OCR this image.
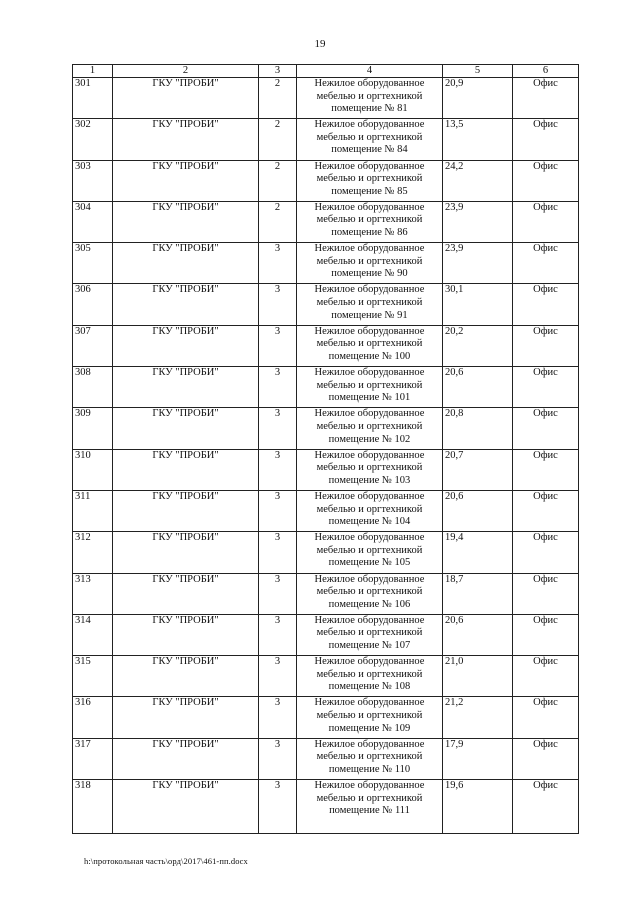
19
1	2	3	4	5	6
301	ГКУ "ПРОБИ"	2	Нежилое оборудованное мебелью и оргтехникой помещение № 81	20,9	Офис
302	ГКУ "ПРОБИ"	2	Нежилое оборудованное мебелью и оргтехникой помещение № 84	13,5	Офис
303	ГКУ "ПРОБИ"	2	Нежилое оборудованное мебелью и оргтехникой помещение № 85	24,2	Офис
304	ГКУ "ПРОБИ"	2	Нежилое оборудованное мебелью и оргтехникой помещение № 86	23,9	Офис
305	ГКУ "ПРОБИ"	3	Нежилое оборудованное мебелью и оргтехникой помещение № 90	23,9	Офис
306	ГКУ "ПРОБИ"	3	Нежилое оборудованное мебелью и оргтехникой помещение № 91	30,1	Офис
307	ГКУ "ПРОБИ"	3	Нежилое оборудованное мебелью и оргтехникой помещение № 100	20,2	Офис
308	ГКУ "ПРОБИ"	3	Нежилое оборудованное мебелью и оргтехникой помещение № 101	20,6	Офис
309	ГКУ "ПРОБИ"	3	Нежилое оборудованное мебелью и оргтехникой помещение № 102	20,8	Офис
310	ГКУ "ПРОБИ"	3	Нежилое оборудованное мебелью и оргтехникой помещение № 103	20,7	Офис
311	ГКУ "ПРОБИ"	3	Нежилое оборудованное мебелью и оргтехникой помещение № 104	20,6	Офис
312	ГКУ "ПРОБИ"	3	Нежилое оборудованное мебелью и оргтехникой помещение № 105	19,4	Офис
313	ГКУ "ПРОБИ"	3	Нежилое оборудованное мебелью и оргтехникой помещение № 106	18,7	Офис
314	ГКУ "ПРОБИ"	3	Нежилое оборудованное мебелью и оргтехникой помещение № 107	20,6	Офис
315	ГКУ "ПРОБИ"	3	Нежилое оборудованное мебелью и оргтехникой помещение № 108	21,0	Офис
316	ГКУ "ПРОБИ"	3	Нежилое оборудованное мебелью и оргтехникой помещение № 109	21,2	Офис
317	ГКУ "ПРОБИ"	3	Нежилое оборудованное мебелью и оргтехникой помещение № 110	17,9	Офис
318	ГКУ "ПРОБИ"	3	Нежилое оборудованное мебелью и оргтехникой помещение № 111	19,6	Офис
h:\протокольная часть\орд\2017\461-пп.docx
